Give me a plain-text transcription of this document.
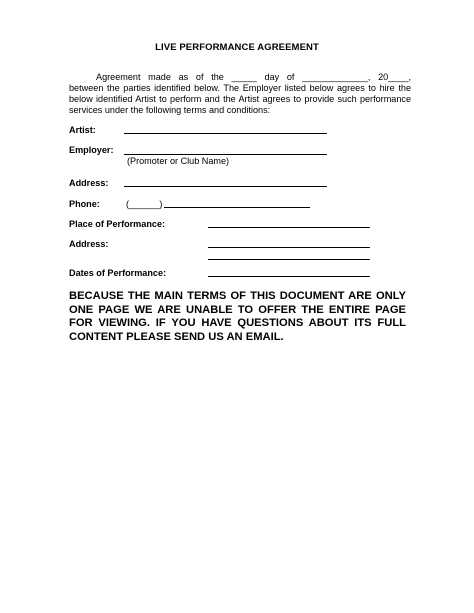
LIVE PERFORMANCE AGREEMENT
Agreement made as of the _____ day of _____________, 20____,
between the parties identified below. The Employer listed below agrees to hire the
below identified Artist to perform and the Artist agrees to provide such performance
services under the following terms and conditions:
Artist:
Employer:
(Promoter or Club Name)
Address:
Phone:	(______)
Place of Performance:
Address:
Dates of Performance:
BECAUSE THE MAIN TERMS OF THIS DOCUMENT ARE ONLY
ONE PAGE WE ARE UNABLE TO OFFER THE ENTIRE PAGE
FOR VIEWING. IF YOU HAVE QUESTIONS ABOUT ITS FULL
CONTENT PLEASE SEND US AN EMAIL.
